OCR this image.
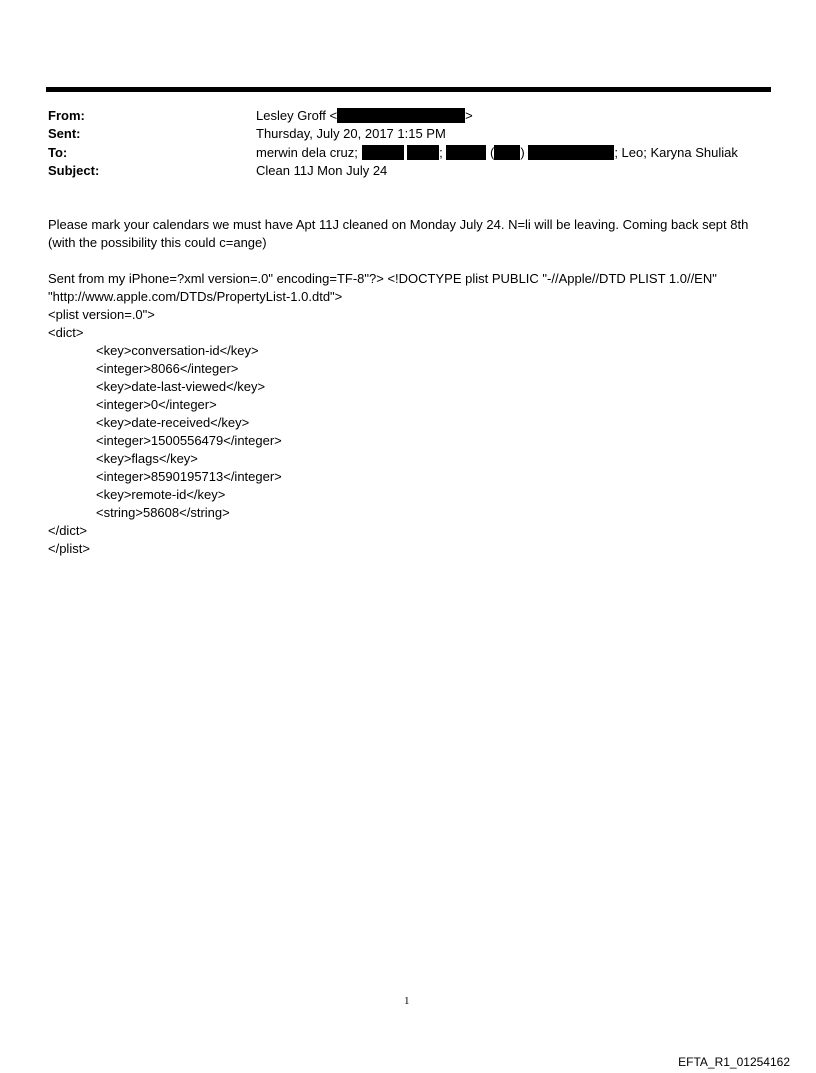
From:	Lesley Groff <	>
Sent:	Thursday, July 20, 2017 1:15 PM
To:	merwin dela cruz;	;	( )	; Leo; Karyna Shuliak
Subject:	Clean 11J Mon July 24
Please mark your calendars we must have Apt 11J cleaned on Monday July 24. N=li will be leaving. Coming back sept 8th
(with the possibility this could c=ange)
Sent from my iPhone=?xml version=.0" encoding=TF-8"?> <!DOCTYPE plist PUBLIC "-//Apple//DTD PLIST 1.0//EN"
"http://www.apple.com/DTDs/PropertyList-1.0.dtd">
<plist version=.0">
<dict>
<key>conversation-id</key>
<integer>8066</integer>
<key>date-last-viewed</key>
<integer>0</integer>
<key>date-received</key>
<integer>1500556479</integer>
<key>flags</key>
<integer>8590195713</integer>
<key>remote-id</key>
<string>58608</string>
</dict>
</plist>
1
EFTA_R1_01254162
